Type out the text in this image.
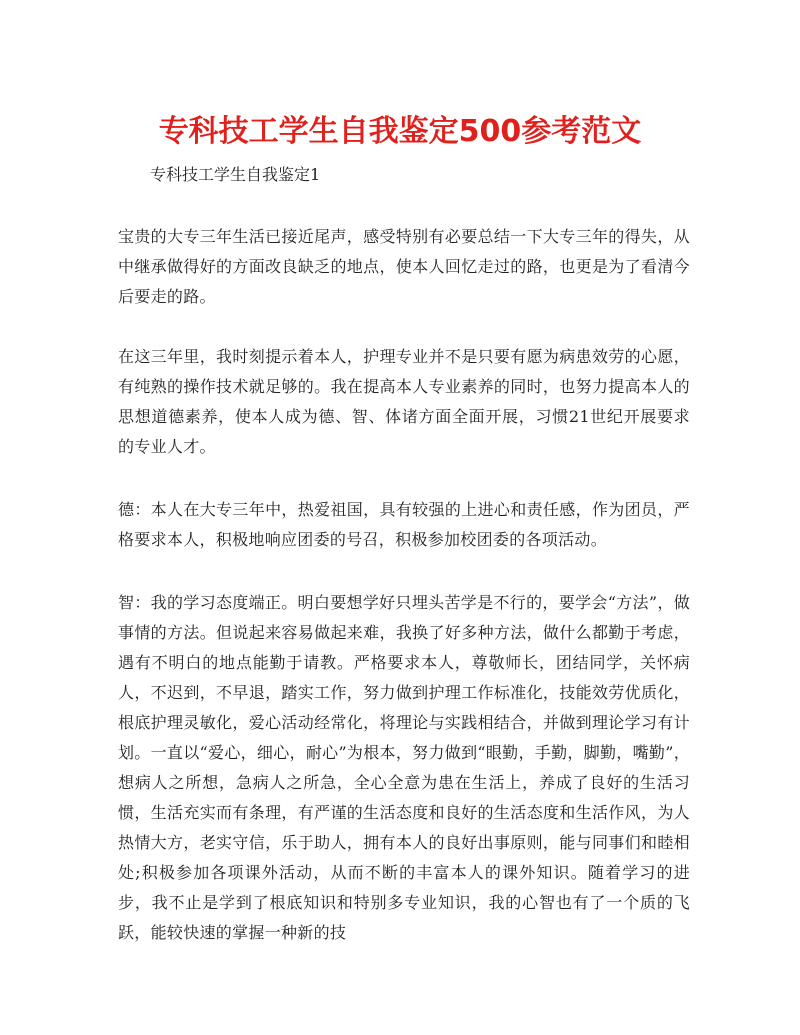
专科技工学生自我鉴定500参考范文

专科技工学生自我鉴定1

宝贵的大专三年生活已接近尾声，感受特别有必要总结一下大专三年的得失，从中继承做得好的方面改良缺乏的地点，使本人回忆走过的路，也更是为了看清今后要走的路。

在这三年里，我时刻提示着本人，护理专业并不是只要有愿为病患效劳的心愿，有纯熟的操作技术就足够的。我在提高本人专业素养的同时，也努力提高本人的思想道德素养，使本人成为德、智、体诸方面全面开展，习惯21世纪开展要求的专业人才。

德：本人在大专三年中，热爱祖国，具有较强的上进心和责任感，作为团员，严格要求本人，积极地响应团委的号召，积极参加校团委的各项活动。

智：我的学习态度端正。明白要想学好只埋头苦学是不行的，要学会“方法”，做事情的方法。但说起来容易做起来难，我换了好多种方法，做什么都勤于考虑，遇有不明白的地点能勤于请教。严格要求本人，尊敬师长，团结同学，关怀病人，不迟到，不早退，踏实工作，努力做到护理工作标准化，技能效劳优质化，根底护理灵敏化，爱心活动经常化，将理论与实践相结合，并做到理论学习有计划。一直以“爱心，细心，耐心”为根本，努力做到“眼勤，手勤，脚勤，嘴勤”，想病人之所想，急病人之所急，全心全意为患在生活上，养成了良好的生活习惯，生活充实而有条理，有严谨的生活态度和良好的生活态度和生活作风，为人热情大方，老实守信，乐于助人，拥有本人的良好出事原则，能与同事们和睦相处;积极参加各项课外活动，从而不断的丰富本人的课外知识。随着学习的进步，我不止是学到了根底知识和特别多专业知识，我的心智也有了一个质的飞跃，能较快速的掌握一种新的技
